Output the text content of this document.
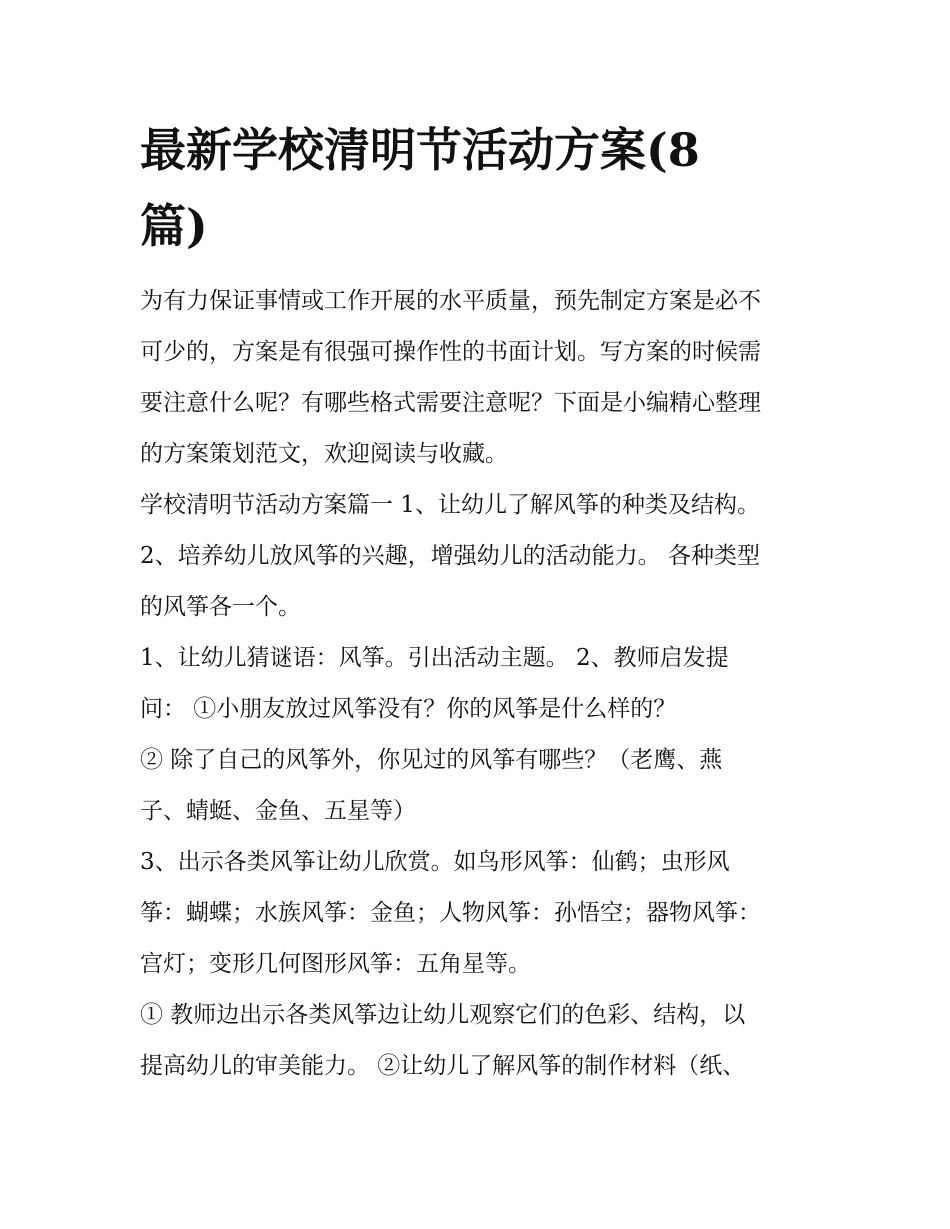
最新学校清明节活动方案(8
篇)
为有力保证事情或工作开展的水平质量，预先制定方案是必不
可少的，方案是有很强可操作性的书面计划。写方案的时候需
要注意什么呢？有哪些格式需要注意呢？下面是小编精心整理
的方案策划范文，欢迎阅读与收藏。
学校清明节活动方案篇一 1、让幼儿了解风筝的种类及结构。
2、培养幼儿放风筝的兴趣，增强幼儿的活动能力。 各种类型
的风筝各一个。
1、让幼儿猜谜语：风筝。引出活动主题。 2、教师启发提
问： ①小朋友放过风筝没有？你的风筝是什么样的？
② 除了自己的风筝外，你见过的风筝有哪些？（老鹰、燕
子、蜻蜓、金鱼、五星等）
3、出示各类风筝让幼儿欣赏。如鸟形风筝：仙鹤；虫形风
筝：蝴蝶；水族风筝：金鱼；人物风筝：孙悟空；器物风筝：
宫灯；变形几何图形风筝：五角星等。
① 教师边出示各类风筝边让幼儿观察它们的色彩、结构，以
提高幼儿的审美能力。 ②让幼儿了解风筝的制作材料（纸、
